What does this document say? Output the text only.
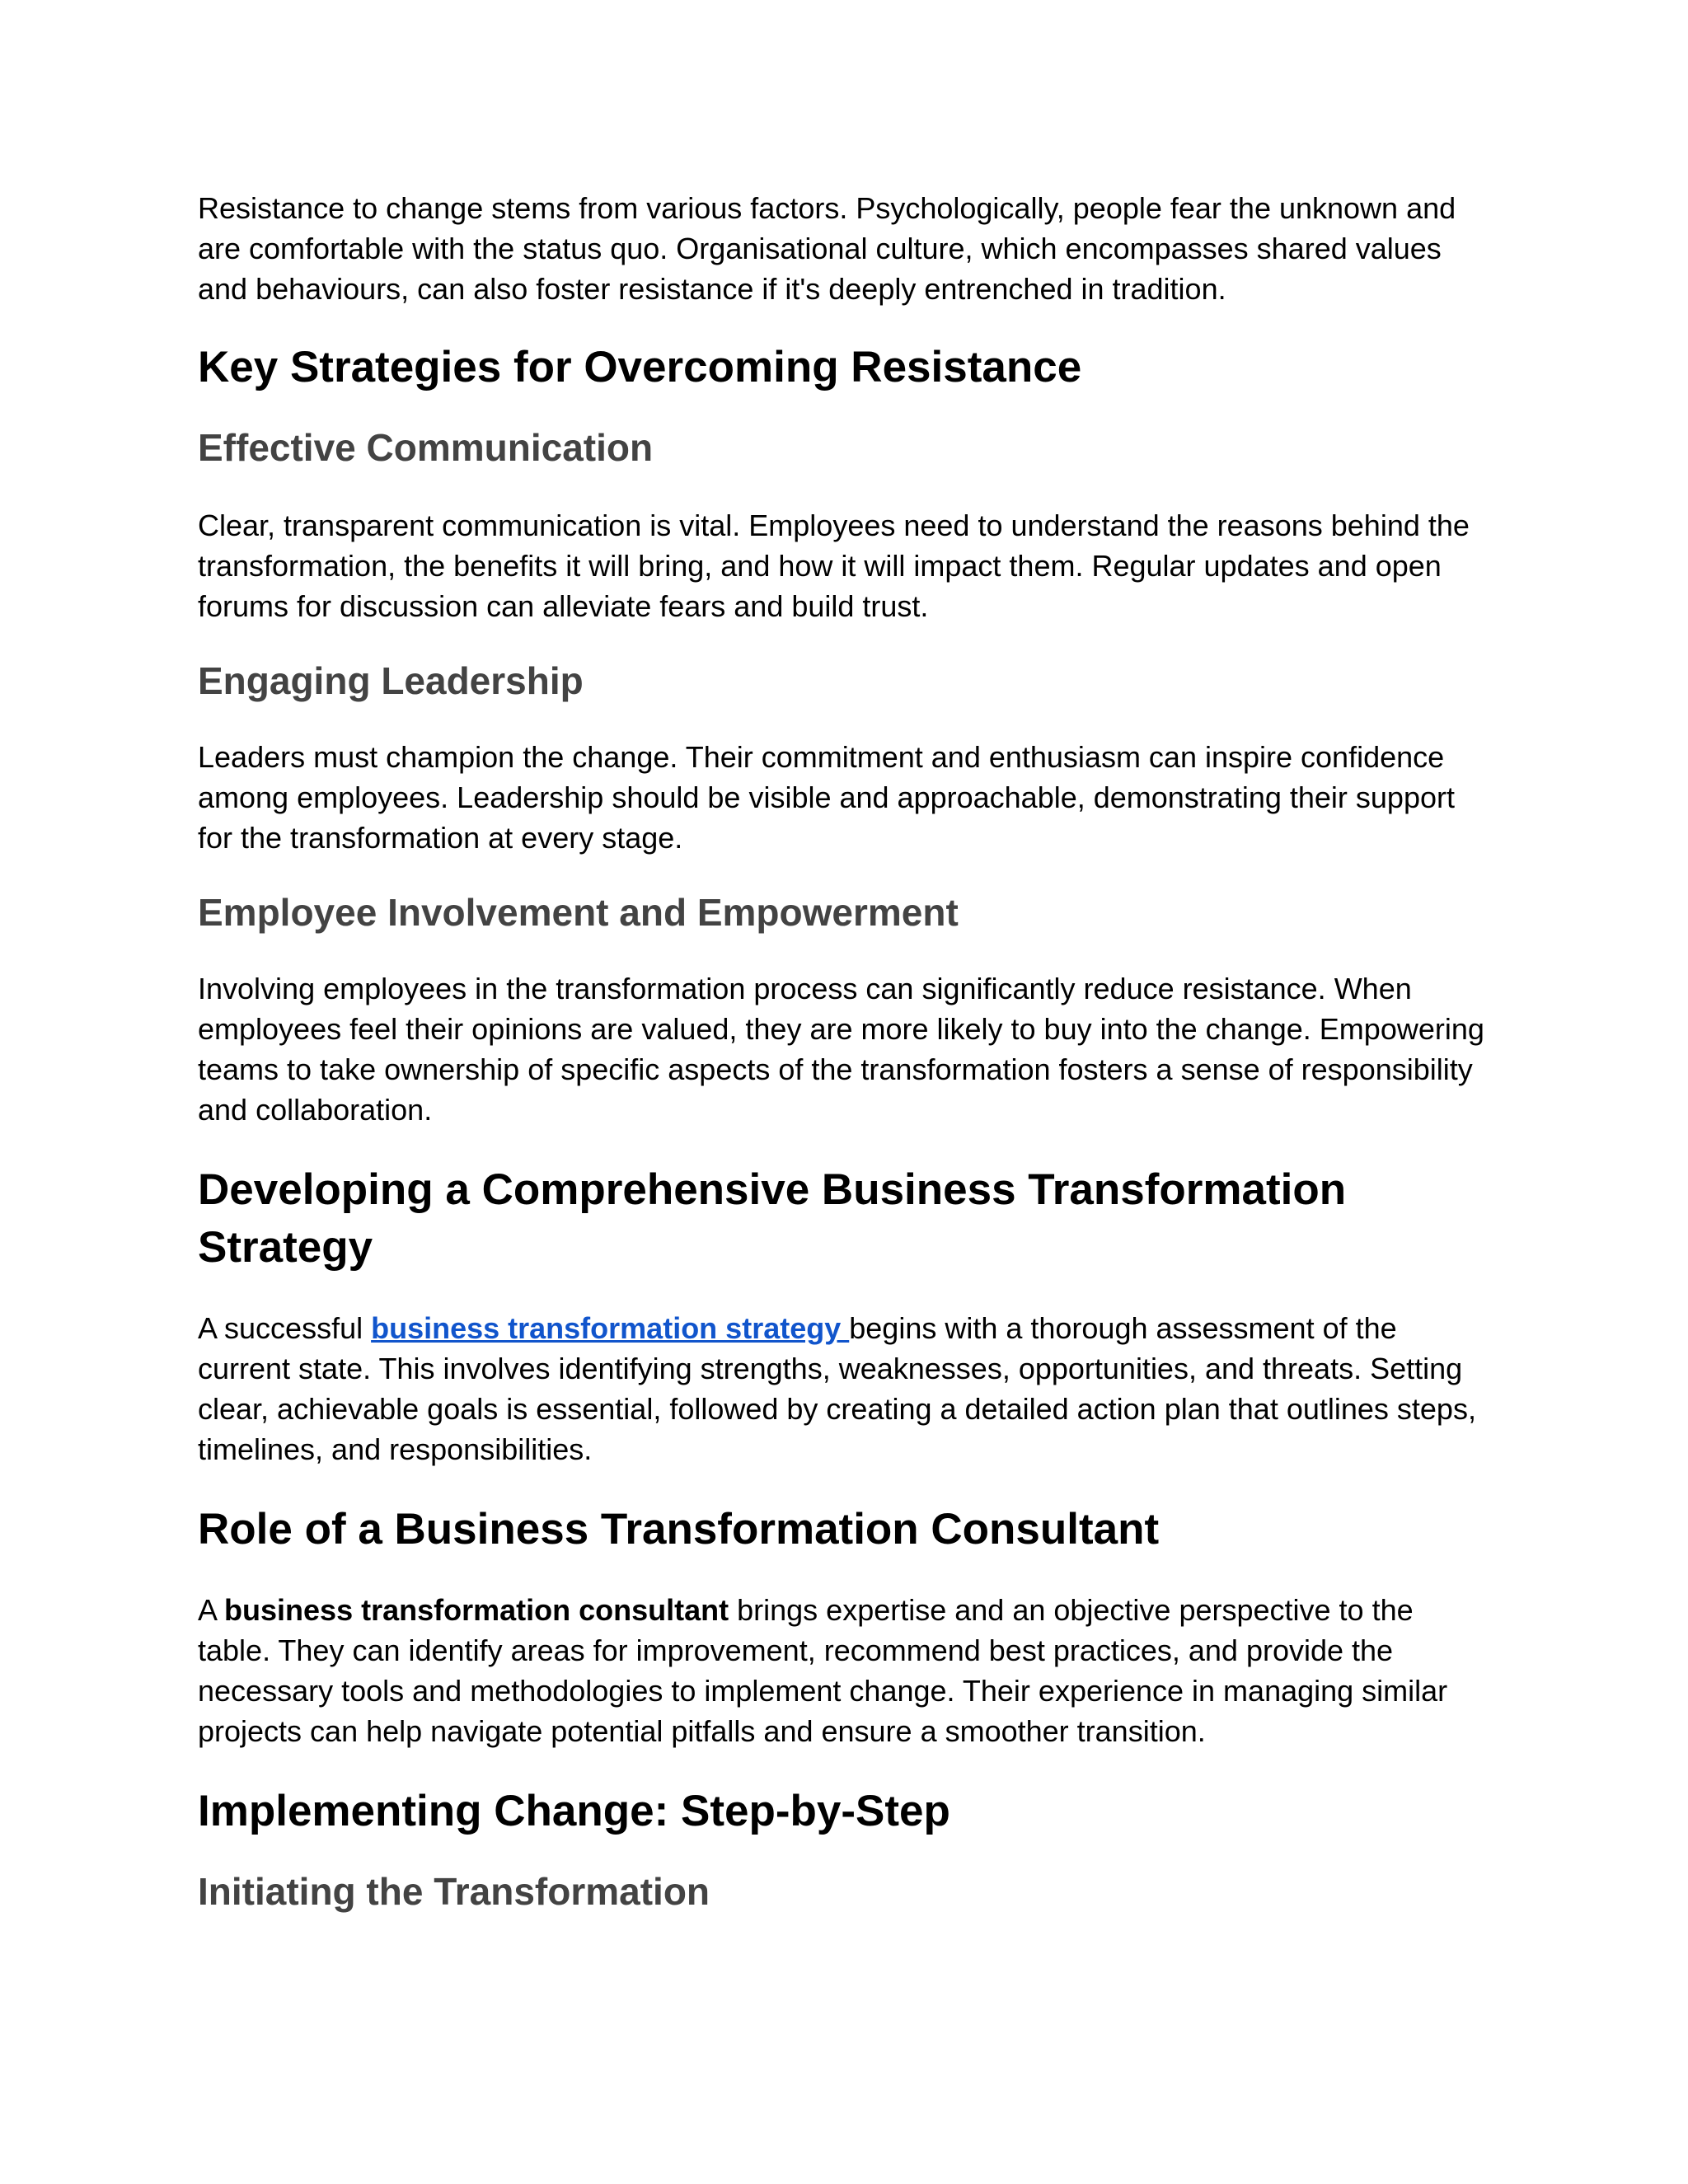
Resistance to change stems from various factors. Psychologically, people fear the unknown and are comfortable with the status quo. Organisational culture, which encompasses shared values and behaviours, can also foster resistance if it's deeply entrenched in tradition.

Key Strategies for Overcoming Resistance
Effective Communication

Clear, transparent communication is vital. Employees need to understand the reasons behind the transformation, the benefits it will bring, and how it will impact them. Regular updates and open forums for discussion can alleviate fears and build trust.

Engaging Leadership

Leaders must champion the change. Their commitment and enthusiasm can inspire confidence among employees. Leadership should be visible and approachable, demonstrating their support for the transformation at every stage.

Employee Involvement and Empowerment

Involving employees in the transformation process can significantly reduce resistance. When employees feel their opinions are valued, they are more likely to buy into the change. Empowering teams to take ownership of specific aspects of the transformation fosters a sense of responsibility and collaboration.

Developing a Comprehensive Business Transformation Strategy

A successful business transformation strategy begins with a thorough assessment of the current state. This involves identifying strengths, weaknesses, opportunities, and threats. Setting clear, achievable goals is essential, followed by creating a detailed action plan that outlines steps, timelines, and responsibilities.

Role of a Business Transformation Consultant

A business transformation consultant brings expertise and an objective perspective to the table. They can identify areas for improvement, recommend best practices, and provide the necessary tools and methodologies to implement change. Their experience in managing similar projects can help navigate potential pitfalls and ensure a smoother transition.

Implementing Change: Step-by-Step
Initiating the Transformation
